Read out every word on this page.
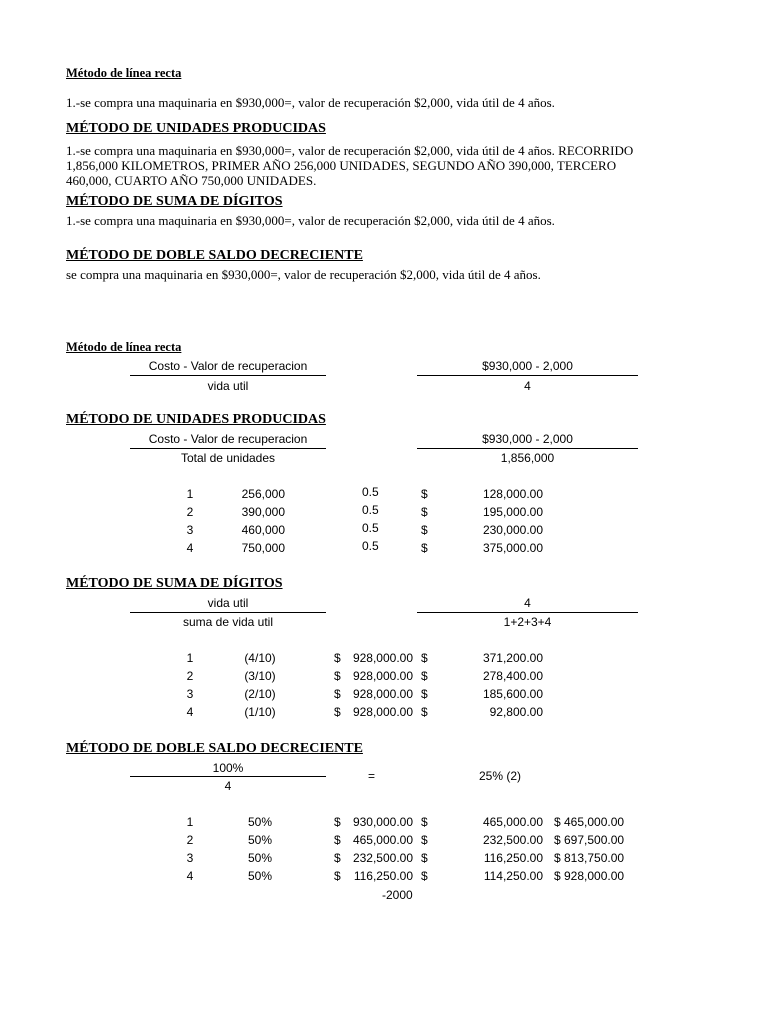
Método de línea recta
1.-se compra una maquinaria en $930,000=, valor de recuperación $2,000, vida útil de 4 años.
MÉTODO DE UNIDADES PRODUCIDAS
1.-se compra una maquinaria en $930,000=, valor de recuperación $2,000, vida útil de 4 años. RECORRIDO
1,856,000 KILOMETROS, PRIMER AÑO 256,000 UNIDADES, SEGUNDO AÑO 390,000, TERCERO
460,000, CUARTO AÑO 750,000 UNIDADES.
MÉTODO DE SUMA DE DÍGITOS
1.-se compra una maquinaria en $930,000=, valor de recuperación $2,000, vida útil de 4 años.
MÉTODO DE DOBLE SALDO DECRECIENTE
se compra una maquinaria en $930,000=, valor de recuperación $2,000, vida útil de 4 años.
Método de línea recta
Costo - Valor de recuperacion
vida util
$930,000 - 2,000
4
MÉTODO DE UNIDADES PRODUCIDAS
Costo - Valor de recuperacion
Total de unidades
$930,000 - 2,000
1,856,000
1	256,000	0.5	$	128,000.00
2	390,000	0.5	$	195,000.00
3	460,000	0.5	$	230,000.00
4	750,000	0.5	$	375,000.00
MÉTODO DE SUMA DE DÍGITOS
vida util
suma de vida util
4
1+2+3+4
1	(4/10)	$	928,000.00 $	371,200.00
2	(3/10)	$	928,000.00 $	278,400.00
3	(2/10)	$	928,000.00 $	185,600.00
4	(1/10)	$	928,000.00 $	92,800.00
MÉTODO DE DOBLE SALDO DECRECIENTE
100%
4
=	25% (2)
1	50%	$	930,000.00 $	465,000.00 $ 465,000.00
2	50%	$	465,000.00 $	232,500.00 $ 697,500.00
3	50%	$	232,500.00 $	116,250.00 $ 813,750.00
4	50%	$	116,250.00 $	114,250.00 $ 928,000.00
-2000
